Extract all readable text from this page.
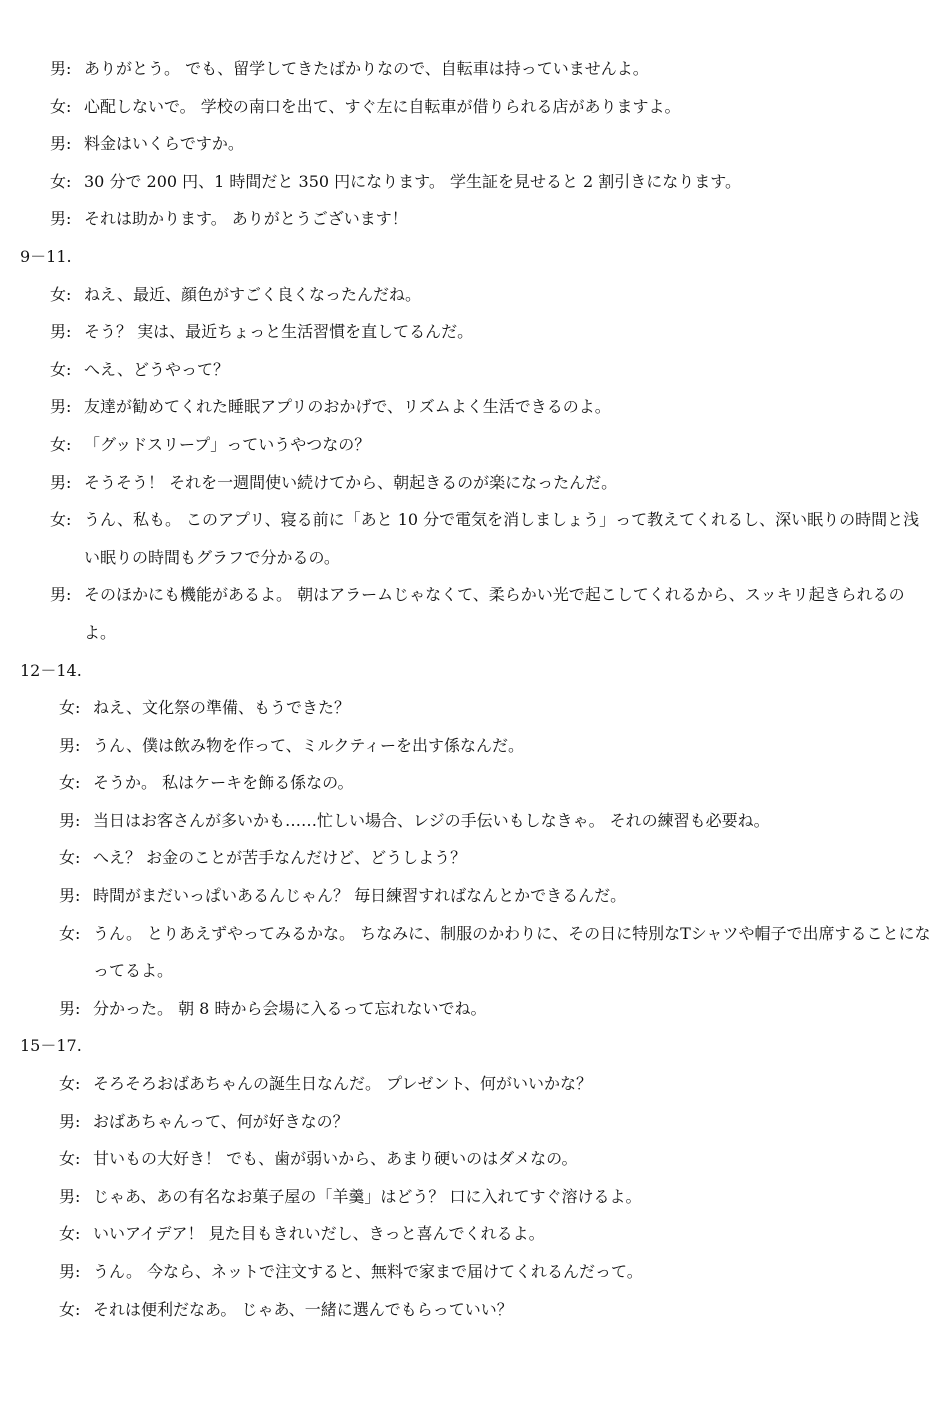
男: ありがとう。 でも、留学してきたばかりなので、自転車は持っていませんよ。
女: 心配しないで。 学校の南口を出て、すぐ左に自転車が借りられる店がありますよ。
男: 料金はいくらですか。
女: 30 分で 200 円、1 時間だと 350 円になります。 学生証を見せると 2 割引きになります。
男: それは助かります。 ありがとうございます！
9－11.
女: ねえ、最近、顔色がすごく良くなったんだね。
男: そう？ 実は、最近ちょっと生活習慣を直してるんだ。
女: へえ、どうやって？
男: 友達が勧めてくれた睡眠アプリのおかげで、リズムよく生活できるのよ。
女: 「グッドスリープ」っていうやつなの？
男: そうそう！ それを一週間使い続けてから、朝起きるのが楽になったんだ。
女: うん、私も。 このアプリ、寝る前に「あと 10 分で電気を消しましょう」って教えてくれるし、深い眠りの時間と浅い眠りの時間もグラフで分かるの。
男: そのほかにも機能があるよ。 朝はアラームじゃなくて、柔らかい光で起こしてくれるから、スッキリ起きられるのよ。
12－14.
女: ねえ、文化祭の準備、もうできた？
男: うん、僕は飲み物を作って、ミルクティーを出す係なんだ。
女: そうか。 私はケーキを飾る係なの。
男: 当日はお客さんが多いかも……忙しい場合、レジの手伝いもしなきゃ。 それの練習も必要ね。
女: へえ？ お金のことが苦手なんだけど、どうしよう？
男: 時間がまだいっぱいあるんじゃん？ 毎日練習すればなんとかできるんだ。
女: うん。 とりあえずやってみるかな。 ちなみに、制服のかわりに、その日に特別なTシャツや帽子で出席することになってるよ。
男: 分かった。 朝 8 時から会場に入るって忘れないでね。
15－17.
女: そろそろおばあちゃんの誕生日なんだ。 プレゼント、何がいいかな？
男: おばあちゃんって、何が好きなの？
女: 甘いもの大好き！ でも、歯が弱いから、あまり硬いのはダメなの。
男: じゃあ、あの有名なお菓子屋の「羊羹」はどう？ 口に入れてすぐ溶けるよ。
女: いいアイデア！ 見た目もきれいだし、きっと喜んでくれるよ。
男: うん。 今なら、ネットで注文すると、無料で家まで届けてくれるんだって。
女: それは便利だなあ。 じゃあ、一緒に選んでもらっていい？
